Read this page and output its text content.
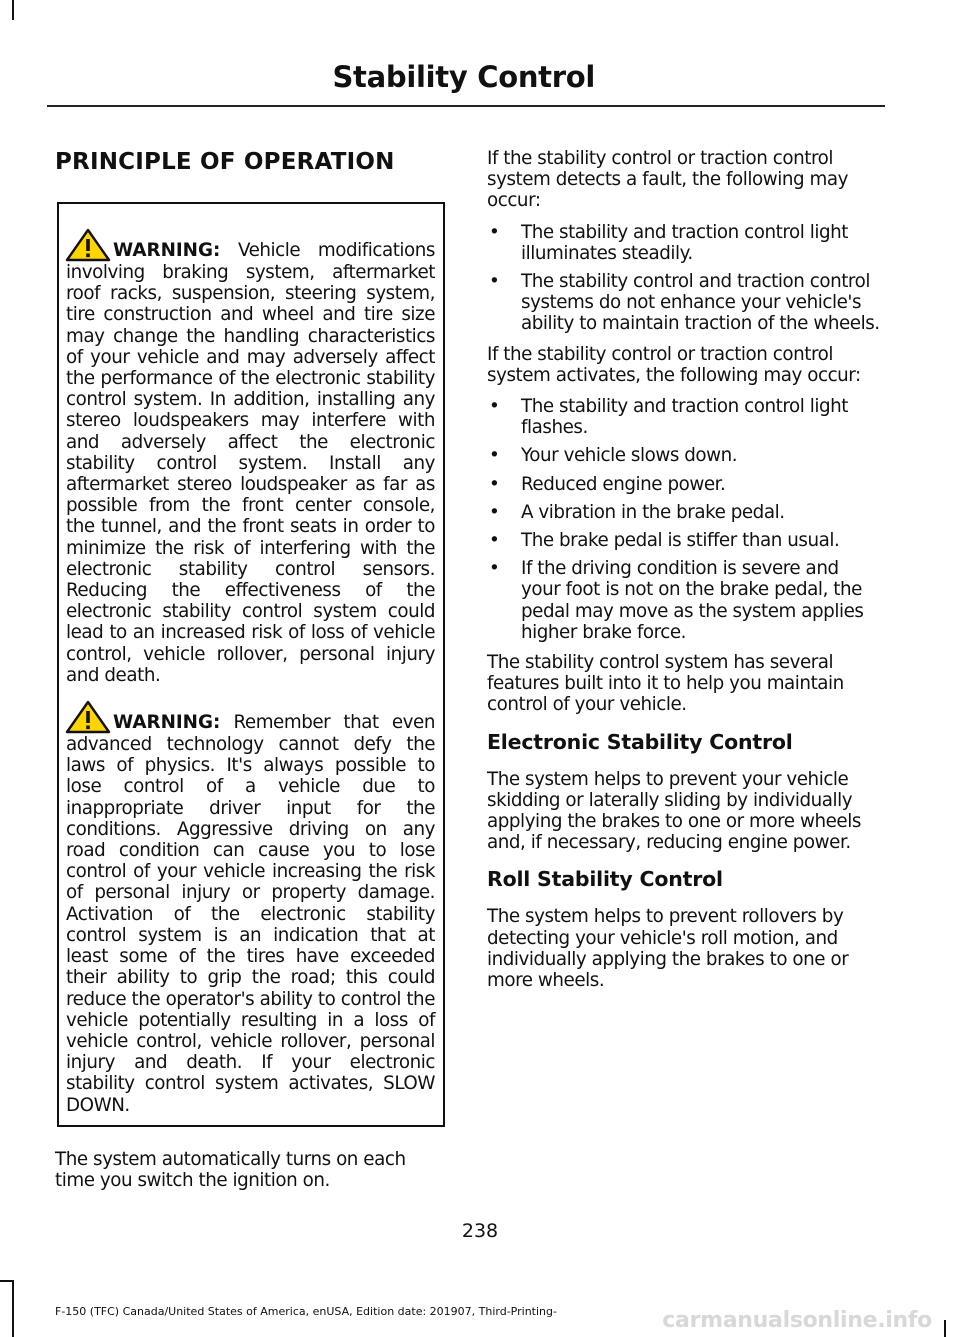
Stability Control
PRINCIPLE OF OPERATION

WARNING: Vehicle modifications involving braking system, aftermarket roof racks, suspension, steering system, tire construction and wheel and tire size may change the handling characteristics of your vehicle and may adversely affect the performance of the electronic stability control system. In addition, installing any stereo loudspeakers may interfere with and adversely affect the electronic stability control system. Install any aftermarket stereo loudspeaker as far as possible from the front center console, the tunnel, and the front seats in order to minimize the risk of interfering with the electronic stability control sensors. Reducing the effectiveness of the electronic stability control system could lead to an increased risk of loss of vehicle control, vehicle rollover, personal injury and death.

WARNING: Remember that even advanced technology cannot defy the laws of physics. It's always possible to lose control of a vehicle due to inappropriate driver input for the conditions. Aggressive driving on any road condition can cause you to lose control of your vehicle increasing the risk of personal injury or property damage. Activation of the electronic stability control system is an indication that at least some of the tires have exceeded their ability to grip the road; this could reduce the operator's ability to control the vehicle potentially resulting in a loss of vehicle control, vehicle rollover, personal injury and death. If your electronic stability control system activates, SLOW DOWN.

The system automatically turns on each time you switch the ignition on.

If the stability control or traction control system detects a fault, the following may occur:

• The stability and traction control light illuminates steadily.
• The stability control and traction control systems do not enhance your vehicle's ability to maintain traction of the wheels.

If the stability control or traction control system activates, the following may occur:

• The stability and traction control light flashes.
• Your vehicle slows down.
• Reduced engine power.
• A vibration in the brake pedal.
• The brake pedal is stiffer than usual.
• If the driving condition is severe and your foot is not on the brake pedal, the pedal may move as the system applies higher brake force.

The stability control system has several features built into it to help you maintain control of your vehicle.

Electronic Stability Control

The system helps to prevent your vehicle skidding or laterally sliding by individually applying the brakes to one or more wheels and, if necessary, reducing engine power.

Roll Stability Control

The system helps to prevent rollovers by detecting your vehicle's roll motion, and individually applying the brakes to one or more wheels.

238
F-150 (TFC) Canada/United States of America, enUSA, Edition date: 201907, Third-Printing-	carmanualsonline.info
